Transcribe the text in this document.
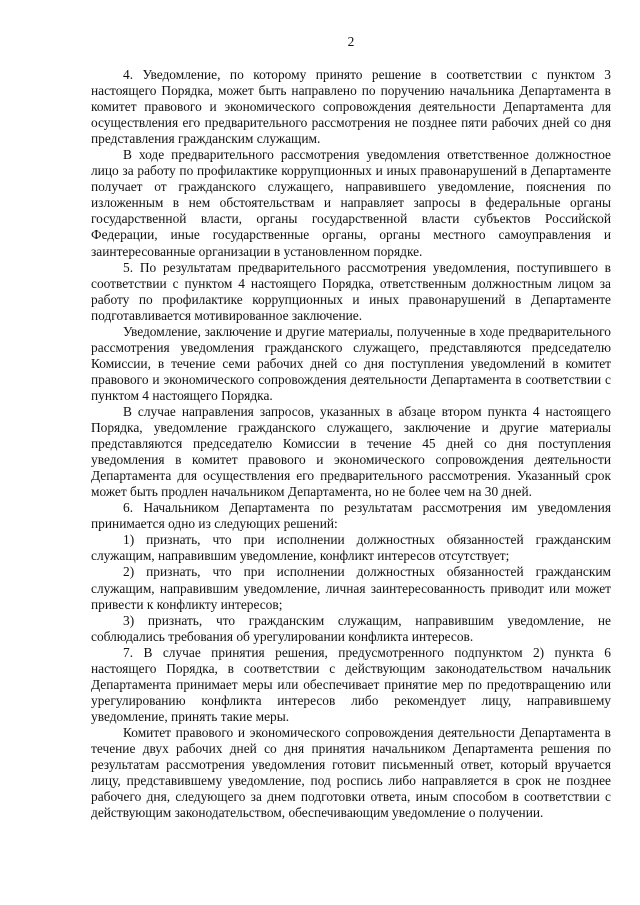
2

4. Уведомление, по которому принято решение в соответствии с пунктом 3 настоящего Порядка, может быть направлено по поручению начальника Департамента в комитет правового и экономического сопровождения деятельности Департамента для осуществления его предварительного рассмотрения не позднее пяти рабочих дней со дня представления гражданским служащим.

В ходе предварительного рассмотрения уведомления ответственное должностное лицо за работу по профилактике коррупционных и иных правонарушений в Департаменте получает от гражданского служащего, направившего уведомление, пояснения по изложенным в нем обстоятельствам и направляет запросы в федеральные органы государственной власти, органы государственной власти субъектов Российской Федерации, иные государственные органы, органы местного самоуправления и заинтересованные организации в установленном порядке.

5. По результатам предварительного рассмотрения уведомления, поступившего в соответствии с пунктом 4 настоящего Порядка, ответственным должностным лицом за работу по профилактике коррупционных и иных правонарушений в Департаменте подготавливается мотивированное заключение.

Уведомление, заключение и другие материалы, полученные в ходе предварительного рассмотрения уведомления гражданского служащего, представляются председателю Комиссии, в течение семи рабочих дней со дня поступления уведомлений в комитет правового и экономического сопровождения деятельности Департамента в соответствии с пунктом 4 настоящего Порядка.

В случае направления запросов, указанных в абзаце втором пункта 4 настоящего Порядка, уведомление гражданского служащего, заключение и другие материалы представляются председателю Комиссии в течение 45 дней со дня поступления уведомления в комитет правового и экономического сопровождения деятельности Департамента для осуществления его предварительного рассмотрения. Указанный срок может быть продлен начальником Департамента, но не более чем на 30 дней.

6. Начальником Департамента по результатам рассмотрения им уведомления принимается одно из следующих решений:

1) признать, что при исполнении должностных обязанностей гражданским служащим, направившим уведомление, конфликт интересов отсутствует;

2) признать, что при исполнении должностных обязанностей гражданским служащим, направившим уведомление, личная заинтересованность приводит или может привести к конфликту интересов;

3) признать, что гражданским служащим, направившим уведомление, не соблюдались требования об урегулировании конфликта интересов.

7. В случае принятия решения, предусмотренного подпунктом 2) пункта 6 настоящего Порядка, в соответствии с действующим законодательством начальник Департамента принимает меры или обеспечивает принятие мер по предотвращению или урегулированию конфликта интересов либо рекомендует лицу, направившему уведомление, принять такие меры.

Комитет правового и экономического сопровождения деятельности Департамента в течение двух рабочих дней со дня принятия начальником Департамента решения по результатам рассмотрения уведомления готовит письменный ответ, который вручается лицу, представившему уведомление, под роспись либо направляется в срок не позднее рабочего дня, следующего за днем подготовки ответа, иным способом в соответствии с действующим законодательством, обеспечивающим уведомление о получении.
